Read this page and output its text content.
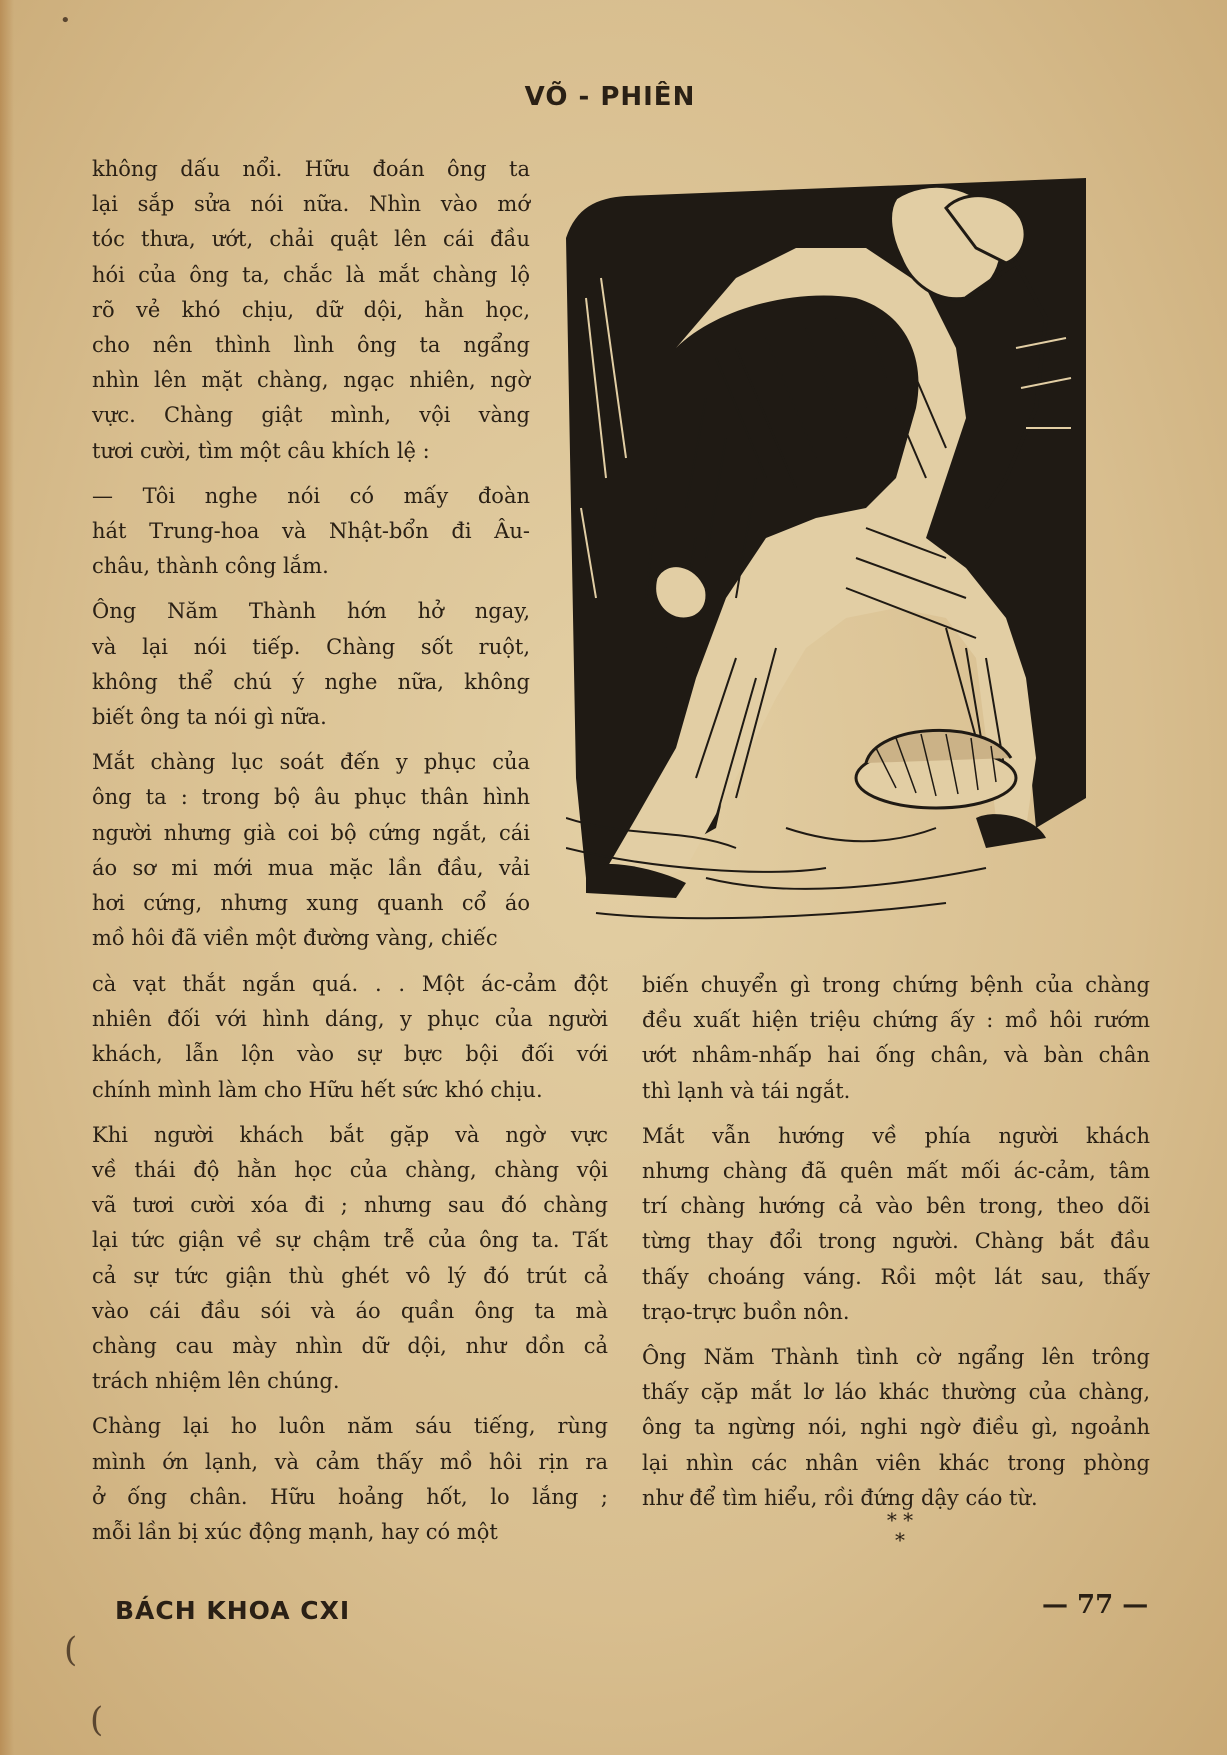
VÕ - PHIÊN
không dấu nổi. Hữu đoán ông ta
lại sắp sửa nói nữa. Nhìn vào mớ
tóc thưa, ướt, chải quật lên cái đầu
hói của ông ta, chắc là mắt chàng lộ
rõ vẻ khó chịu, dữ dội, hằn học,
cho nên thình lình ông ta ngẩng
nhìn lên mặt chàng, ngạc nhiên, ngờ
vực. Chàng giật mình, vội vàng
tươi cười, tìm một câu khích lệ :
— Tôi nghe nói có mấy đoàn
hát Trung-hoa và Nhật-bổn đi Âu-
châu, thành công lắm.
Ông Năm Thành hớn hở ngay,
và lại nói tiếp. Chàng sốt ruột,
không thể chú ý nghe nữa, không
biết ông ta nói gì nữa.
Mắt chàng lục soát đến y phục của
ông ta : trong bộ âu phục thân hình
người nhưng già coi bộ cứng ngắt, cái
áo sơ mi mới mua mặc lần đầu, vải
hơi cứng, nhưng xung quanh cổ áo
mồ hôi đã viền một đường vàng, chiếc
cà vạt thắt ngắn quá. . . Một ác-cảm đột
nhiên đối với hình dáng, y phục của người
khách, lẫn lộn vào sự bực bội đối với
chính mình làm cho Hữu hết sức khó chịu.
Khi người khách bắt gặp và ngờ vực
về thái độ hằn học của chàng, chàng vội
vã tươi cười xóa đi ; nhưng sau đó chàng
lại tức giận về sự chậm trễ của ông ta. Tất
cả sự tức giận thù ghét vô lý đó trút cả
vào cái đầu sói và áo quần ông ta mà
chàng cau mày nhìn dữ dội, như dồn cả
trách nhiệm lên chúng.
Chàng lại ho luôn năm sáu tiếng, rùng
mình ớn lạnh, và cảm thấy mồ hôi rịn ra
ở ống chân. Hữu hoảng hốt, lo lắng ;
mỗi lần bị xúc động mạnh, hay có một
biến chuyển gì trong chứng bệnh của chàng
đều xuất hiện triệu chứng ấy : mồ hôi rướm
ướt nhâm-nhấp hai ống chân, và bàn chân
thì lạnh và tái ngắt.
Mắt vẫn hướng về phía người khách
nhưng chàng đã quên mất mối ác-cảm, tâm
trí chàng hướng cả vào bên trong, theo dõi
từng thay đổi trong người. Chàng bắt đầu
thấy choáng váng. Rồi một lát sau, thấy
trạo-trực buồn nôn.
Ông Năm Thành tình cờ ngẩng lên trông
thấy cặp mắt lơ láo khác thường của chàng,
ông ta ngừng nói, nghi ngờ điều gì, ngoảnh
lại nhìn các nhân viên khác trong phòng
như để tìm hiểu, rồi đứng dậy cáo từ.
* *
*
BÁCH KHOA CXI	— 77 —
•
(
(
